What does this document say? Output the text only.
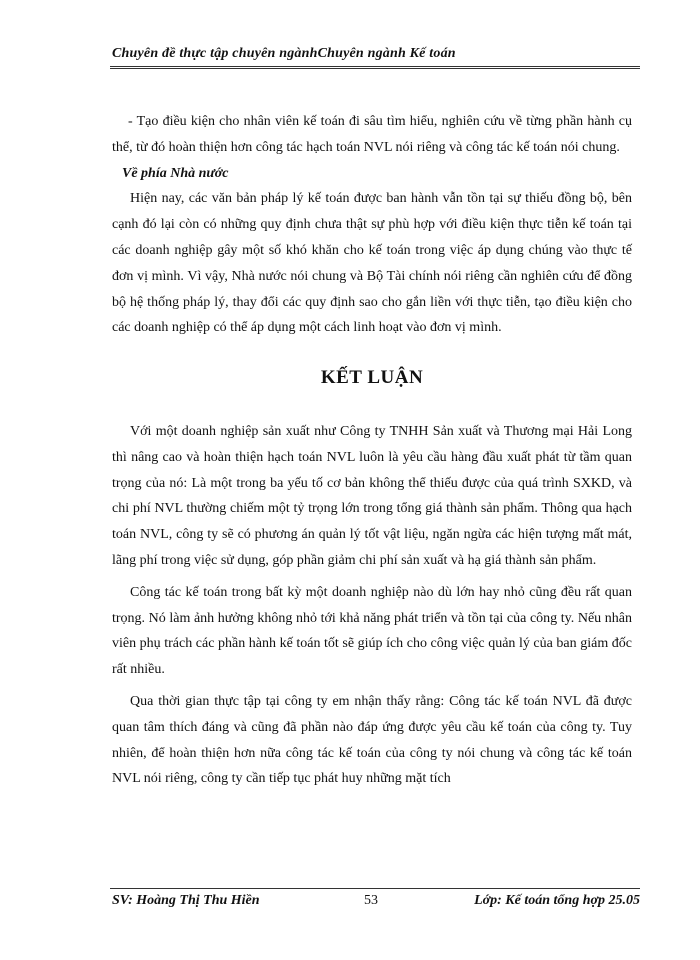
Chuyên đề thực tập chuyên ngànhChuyên ngành Kế toán

- Tạo điều kiện cho nhân viên kế toán đi sâu tìm hiểu, nghiên cứu về từng phần hành cụ thể, từ đó hoàn thiện hơn công tác hạch toán NVL nói riêng và công tác kế toán nói chung.

Về phía Nhà nước

Hiện nay, các văn bản pháp lý kế toán được ban hành vẫn tồn tại sự thiếu đồng bộ, bên cạnh đó lại còn có những quy định chưa thật sự phù hợp với điều kiện thực tiễn kế toán tại các doanh nghiệp gây một số khó khăn cho kế toán trong việc áp dụng chúng vào thực tế đơn vị mình. Vì vậy, Nhà nước nói chung và Bộ Tài chính nói riêng cần nghiên cứu để đồng bộ hệ thống pháp lý, thay đổi các quy định sao cho gắn liền với thực tiễn, tạo điều kiện cho các doanh nghiệp có thể áp dụng một cách linh hoạt vào đơn vị mình.

KẾT LUẬN

Với một doanh nghiệp sản xuất như Công ty TNHH Sản xuất và Thương mại Hải Long thì nâng cao và hoàn thiện hạch toán NVL luôn là yêu cầu hàng đầu xuất phát từ tầm quan trọng của nó: Là một trong ba yếu tố cơ bản không thể thiếu được của quá trình SXKD, và chi phí NVL thường chiếm một tỷ trọng lớn trong tổng giá thành sản phẩm. Thông qua hạch toán NVL, công ty sẽ có phương án quản lý tốt vật liệu, ngăn ngừa các hiện tượng mất mát, lãng phí trong việc sử dụng, góp phần giảm chi phí sản xuất và hạ giá thành sản phẩm.

Công tác kế toán trong bất kỳ một doanh nghiệp nào dù lớn hay nhỏ cũng đều rất quan trọng. Nó làm ảnh hưởng không nhỏ tới khả năng phát triển và tồn tại của công ty. Nếu nhân viên phụ trách các phần hành kế toán tốt sẽ giúp ích cho công việc quản lý của ban giám đốc rất nhiều.

Qua thời gian thực tập tại công ty em nhận thấy rằng: Công tác kế toán NVL đã được quan tâm thích đáng và cũng đã phần nào đáp ứng được yêu cầu kế toán của công ty. Tuy nhiên, để hoàn thiện hơn nữa công tác kế toán của công ty nói chung và công tác kế toán NVL nói riêng, công ty cần tiếp tục phát huy những mặt tích

SV: Hoàng Thị Thu Hiền	53	Lớp: Kế toán tổng hợp 25.05
